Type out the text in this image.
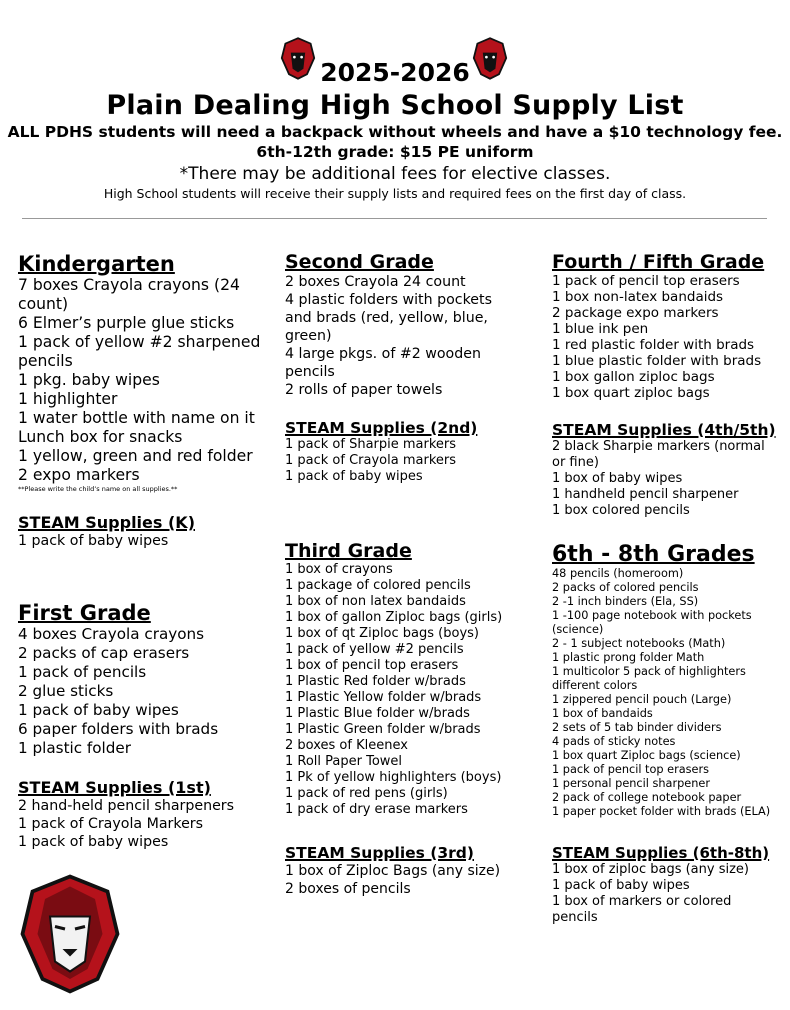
2025-2026
Plain Dealing High School Supply List
ALL PDHS students will need a backpack without wheels and have a $10 technology fee.
6th-12th grade: $15 PE uniform
*There may be additional fees for elective classes.
High School students will receive their supply lists and required fees on the first day of class.
Kindergarten
7 boxes Crayola crayons (24 count)
6 Elmer’s purple glue sticks
1 pack of yellow #2 sharpened pencils
1 pkg. baby wipes
1 highlighter
1 water bottle with name on it
Lunch box for snacks
1 yellow, green and red folder
2 expo markers
**Please write the child’s name on all supplies.**
STEAM Supplies (K)
1 pack of baby wipes
First Grade
4 boxes Crayola crayons
2 packs of cap erasers
1 pack of pencils
2 glue sticks
1 pack of baby wipes
6 paper folders with brads
1 plastic folder
STEAM Supplies (1st)
2 hand-held pencil sharpeners
1 pack of Crayola Markers
1 pack of baby wipes
Second Grade
2 boxes Crayola 24 count
4 plastic folders with pockets and brads (red, yellow, blue, green)
4 large pkgs. of #2 wooden pencils
2 rolls of paper towels
STEAM Supplies (2nd)
1 pack of Sharpie markers
1 pack of Crayola markers
1 pack of baby wipes
Third Grade
1 box of crayons
1 package of colored pencils
1 box of non latex bandaids
1 box of gallon Ziploc bags (girls)
1 box of qt Ziploc bags (boys)
1 pack of yellow #2 pencils
1 box of pencil top erasers
1 Plastic Red folder w/brads
1 Plastic Yellow folder w/brads
1 Plastic Blue folder w/brads
1 Plastic Green folder w/brads
2 boxes of Kleenex
1 Roll Paper Towel
1 Pk of yellow highlighters (boys)
1 pack of red pens (girls)
1 pack of dry erase markers
STEAM Supplies (3rd)
1 box of Ziploc Bags (any size)
2 boxes of pencils
Fourth / Fifth Grade
1 pack of pencil top erasers
1 box non-latex bandaids
2 package expo markers
1 blue ink pen
1 red plastic folder with brads
1 blue plastic folder with brads
1 box gallon ziploc bags
1 box quart ziploc bags
STEAM Supplies (4th/5th)
2 black Sharpie markers (normal or fine)
1 box of baby wipes
1 handheld pencil sharpener
1 box colored pencils
6th - 8th Grades
48 pencils (homeroom)
2 packs of colored pencils
2 -1 inch binders (Ela, SS)
1 -100 page notebook with pockets (science)
2 - 1 subject notebooks (Math)
1 plastic prong folder Math
1 multicolor 5 pack of highlighters different colors
1 zippered pencil pouch (Large)
1 box of bandaids
2 sets of 5 tab binder dividers
4 pads of sticky notes
1 box quart Ziploc bags (science)
1 pack of pencil top erasers
1 personal pencil sharpener
2 pack of college notebook paper
1 paper pocket folder with brads (ELA)
STEAM Supplies (6th-8th)
1 box of ziploc bags (any size)
1 pack of baby wipes
1 box of markers or colored pencils
